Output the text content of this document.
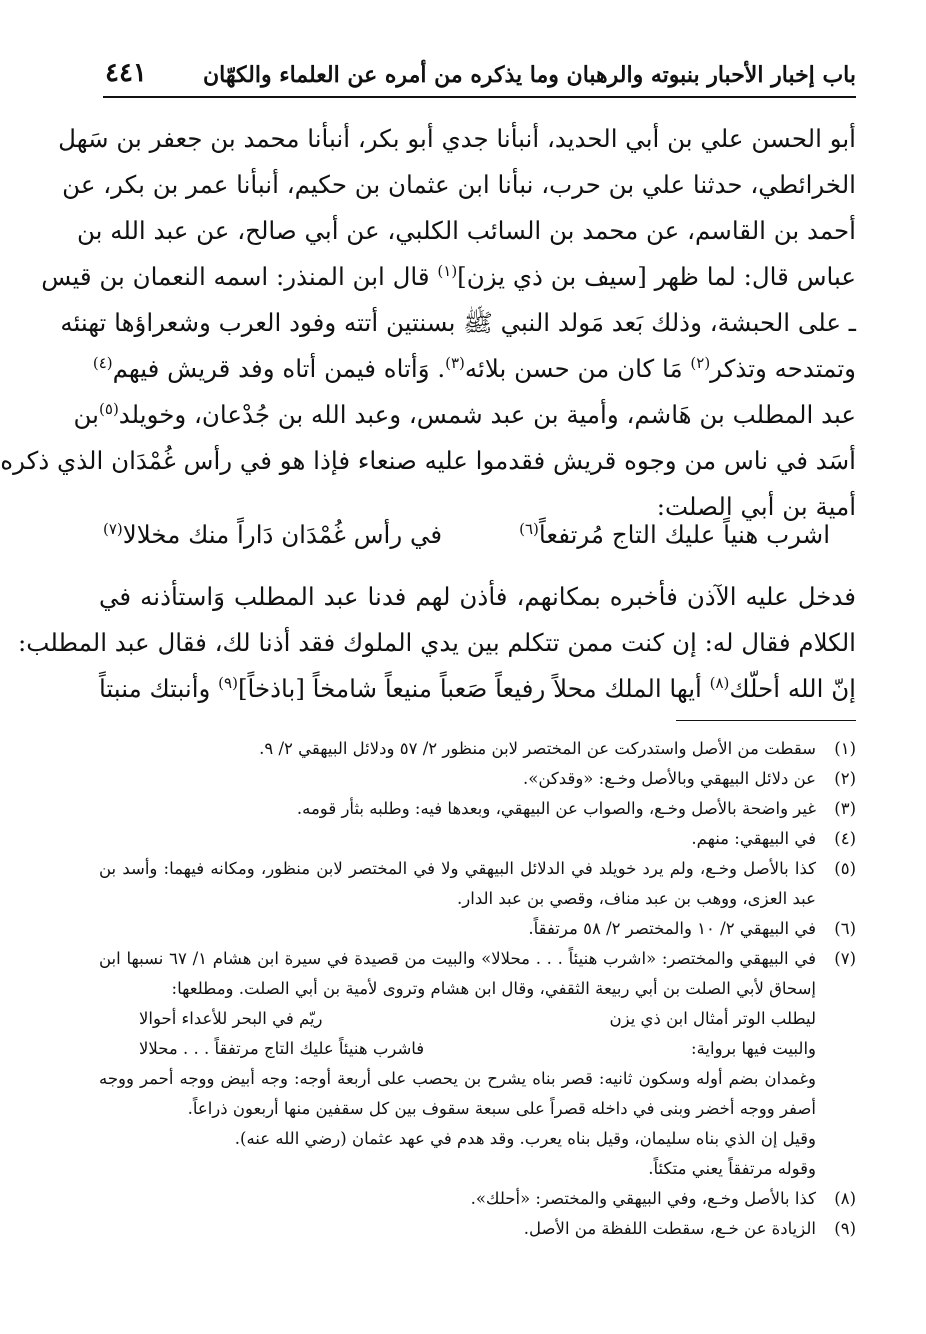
باب إخبار الأحبار بنبوته والرهبان وما يذكره من أمره عن العلماء والكهّان
٤٤١
أبو الحسن علي بن أبي الحديد، أنبأنا جدي أبو بكر، أنبأنا محمد بن جعفر بن سَهل
الخرائطي، حدثنا علي بن حرب، نبأنا ابن عثمان بن حكيم، أنبأنا عمر بن بكر، عن
أحمد بن القاسم، عن محمد بن السائب الكلبي، عن أبي صالح، عن عبد الله بن
عباس قال: لما ظهر [سيف بن ذي يزن]$^{(١)}$ قال ابن المنذر: اسمه النعمان بن قيس
ـ على الحبشة، وذلك بَعد مَولد النبي ﷺ بسنتين أتته وفود العرب وشعراؤها تهنئه
وتمتدحه وتذكر$^{(٢)}$ مَا كان من حسن بلائه$^{(٣)}$. وَأتاه فيمن أتاه وفد قريش فيهم$^{(٤)}$
عبد المطلب بن هَاشم، وأمية بن عبد شمس، وعبد الله بن جُدْعان، وخويلد$^{(٥)}$بن
أسَد في ناس من وجوه قريش فقدموا عليه صنعاء فإذا هو في رأس غُمْدَان الذي ذكره
أمية بن أبي الصلت:
اشرب هنياً عليك التاج مُرتفعاً$^{(٦)}$
في رأس غُمْدَان دَاراً منك مخلالا$^{(٧)}$
فدخل عليه الآذن فأخبره بمكانهم، فأذن لهم فدنا عبد المطلب وَاستأذنه في
الكلام فقال له: إن كنت ممن تتكلم بين يدي الملوك فقد أذنا لك، فقال عبد المطلب:
إنّ الله أحلّك$^{(٨)}$ أيها الملك محلاً رفيعاً صَعباً منيعاً شامخاً [باذخاً]$^{(٩)}$ وأنبتك منبتاً
(١)
سقطت من الأصل واستدركت عن المختصر لابن منظور ٢/ ٥٧ ودلائل البيهقي ٢/ ٩.
(٢)
عن دلائل البيهقي وبالأصل وخـع: «وقدكن».
(٣)
غير واضحة بالأصل وخـع، والصواب عن البيهقي، وبعدها فيه: وطلبه بثأر قومه.
(٤)
في البيهقي: منهم.
(٥)
كذا بالأصل وخـع، ولم يرد خويلد في الدلائل البيهقي ولا في المختصر لابن منظور، ومكانه فيهما: وأسد بن عبد العزى، ووهب بن عبد مناف، وقصي بن عبد الدار.
(٦)
في البيهقي ٢/ ١٠ والمختصر ٢/ ٥٨ مرتفقاً.
(٧)
في البيهقي والمختصر: «اشرب هنيئاً . . . محلالا» والبيت من قصيدة في سيرة ابن هشام ١/ ٦٧ نسبها ابن إسحاق لأبي الصلت بن أبي ربيعة الثقفي، وقال ابن هشام وتروى لأمية بن أبي الصلت. ومطلعها:
ليطلب الوتر أمثال ابن ذي يزن
ريّم في البحر للأعداء أحوالا
والبيت فيها برواية:
فاشرب هنيئاً عليك التاج مرتفقاً . . . محلالا
وغمدان بضم أوله وسكون ثانيه: قصر بناه يشرح بن يحصب على أربعة أوجه: وجه أبيض ووجه أحمر ووجه أصفر ووجه أخضر وبنى في داخله قصراً على سبعة سقوف بين كل سقفين منها أربعون ذراعاً.
وقيل إن الذي بناه سليمان، وقيل بناه يعرب. وقد هدم في عهد عثمان (رضي الله عنه).
وقوله مرتفقاً يعني متكئاً.
(٨)
كذا بالأصل وخـع، وفي البيهقي والمختصر: «أحلك».
(٩)
الزيادة عن خـع، سقطت اللفظة من الأصل.
